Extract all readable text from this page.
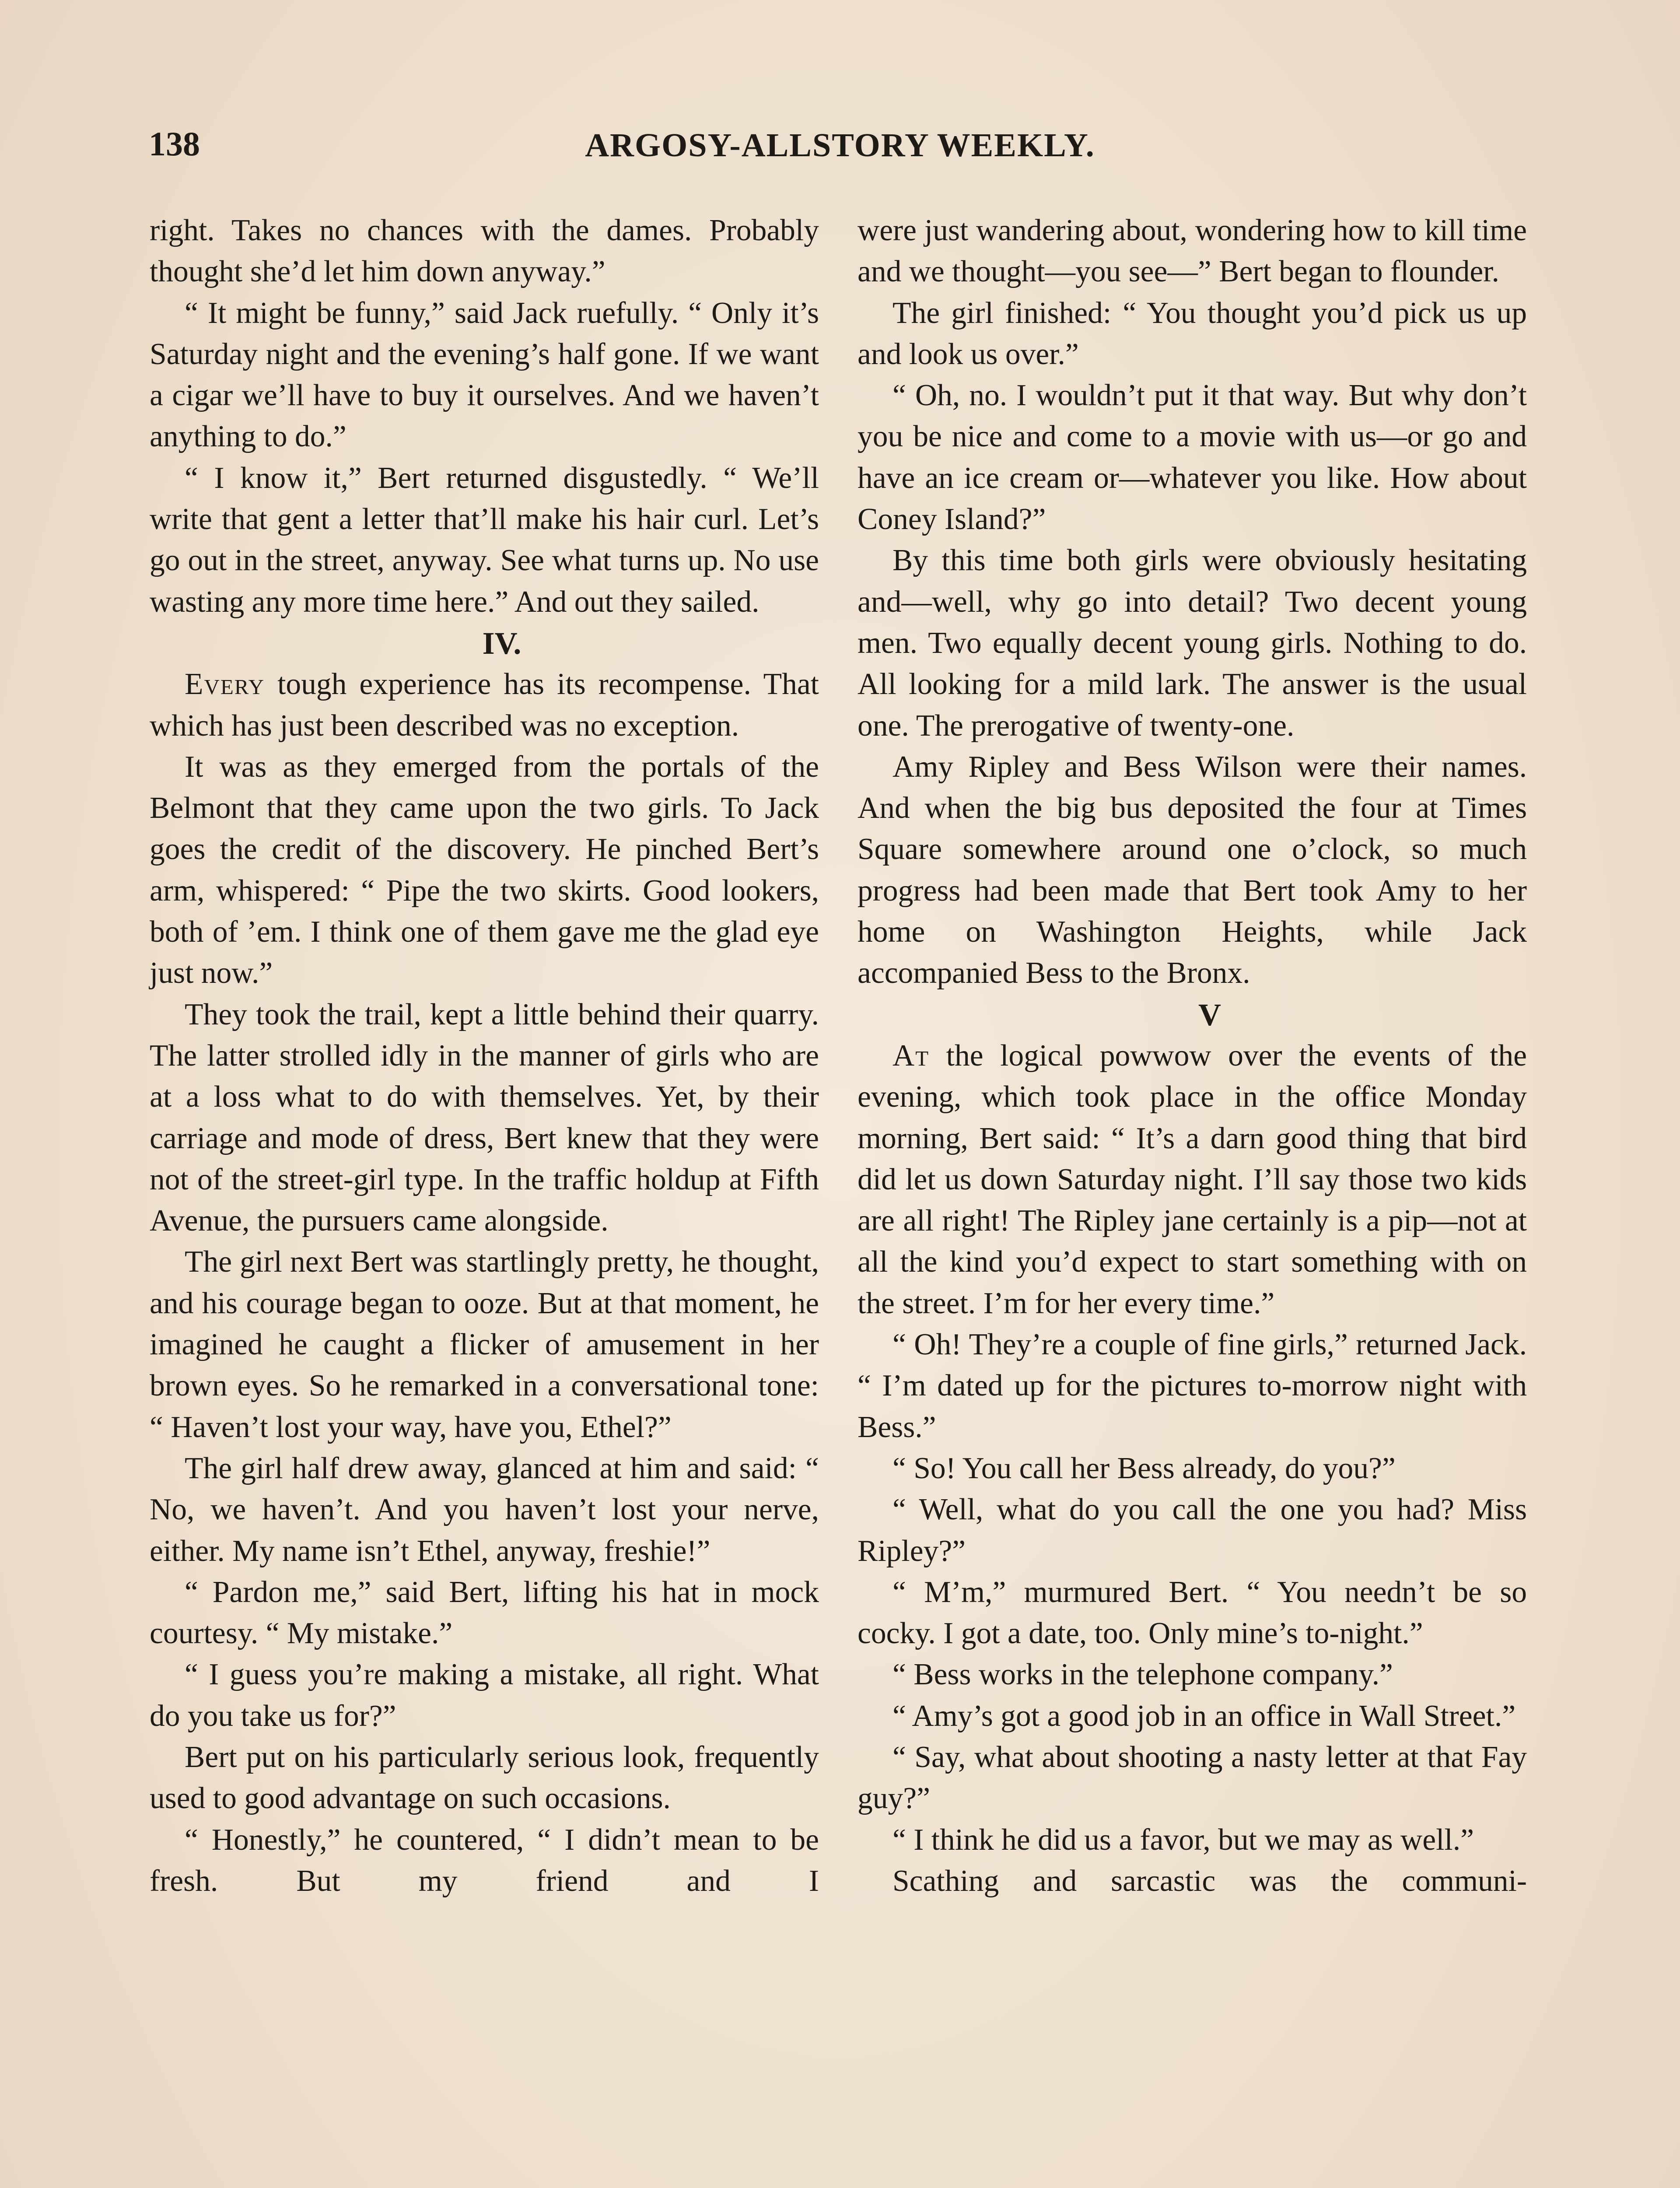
138	ARGOSY-ALLSTORY WEEKLY.

right. Takes no chances with the dames. Probably thought she’d let him down anyway.”

“ It might be funny,” said Jack ruefully. “ Only it’s Saturday night and the evening’s half gone. If we want a cigar we’ll have to buy it ourselves. And we haven’t anything to do.”

“ I know it,” Bert returned disgustedly. “ We’ll write that gent a letter that’ll make his hair curl. Let’s go out in the street, anyway. See what turns up. No use wasting any more time here.” And out they sailed.

IV.

Every tough experience has its recompense. That which has just been described was no exception.

It was as they emerged from the portals of the Belmont that they came upon the two girls. To Jack goes the credit of the discovery. He pinched Bert’s arm, whispered: “ Pipe the two skirts. Good lookers, both of ’em. I think one of them gave me the glad eye just now.”

They took the trail, kept a little behind their quarry. The latter strolled idly in the manner of girls who are at a loss what to do with themselves. Yet, by their carriage and mode of dress, Bert knew that they were not of the street-girl type. In the traffic holdup at Fifth Avenue, the pursuers came alongside.

The girl next Bert was startlingly pretty, he thought, and his courage began to ooze. But at that moment, he imagined he caught a flicker of amusement in her brown eyes. So he remarked in a conversational tone: “ Haven’t lost your way, have you, Ethel?”

The girl half drew away, glanced at him and said: “ No, we haven’t. And you haven’t lost your nerve, either. My name isn’t Ethel, anyway, freshie!”

“ Pardon me,” said Bert, lifting his hat in mock courtesy. “ My mistake.”

“ I guess you’re making a mistake, all right. What do you take us for?”

Bert put on his particularly serious look, frequently used to good advantage on such occasions.

“ Honestly,” he countered, “ I didn’t mean to be fresh. But my friend and I

were just wandering about, wondering how to kill time and we thought—you see—” Bert began to flounder.

The girl finished: “ You thought you’d pick us up and look us over.”

“ Oh, no. I wouldn’t put it that way. But why don’t you be nice and come to a movie with us—or go and have an ice cream or—whatever you like. How about Coney Island?”

By this time both girls were obviously hesitating and—well, why go into detail? Two decent young men. Two equally decent young girls. Nothing to do. All looking for a mild lark. The answer is the usual one. The prerogative of twenty-one.

Amy Ripley and Bess Wilson were their names. And when the big bus deposited the four at Times Square somewhere around one o’clock, so much progress had been made that Bert took Amy to her home on Washington Heights, while Jack accompanied Bess to the Bronx.

V

At the logical powwow over the events of the evening, which took place in the office Monday morning, Bert said: “ It’s a darn good thing that bird did let us down Saturday night. I’ll say those two kids are all right! The Ripley jane certainly is a pip—not at all the kind you’d expect to start something with on the street. I’m for her every time.”

“ Oh! They’re a couple of fine girls,” returned Jack. “ I’m dated up for the pictures to-morrow night with Bess.”

“ So! You call her Bess already, do you?”

“ Well, what do you call the one you had? Miss Ripley?”

“ M’m,” murmured Bert. “ You needn’t be so cocky. I got a date, too. Only mine’s to-night.”

“ Bess works in the telephone company.”

“ Amy’s got a good job in an office in Wall Street.”

“ Say, what about shooting a nasty letter at that Fay guy?”

“ I think he did us a favor, but we may as well.”

Scathing and sarcastic was the communi-
